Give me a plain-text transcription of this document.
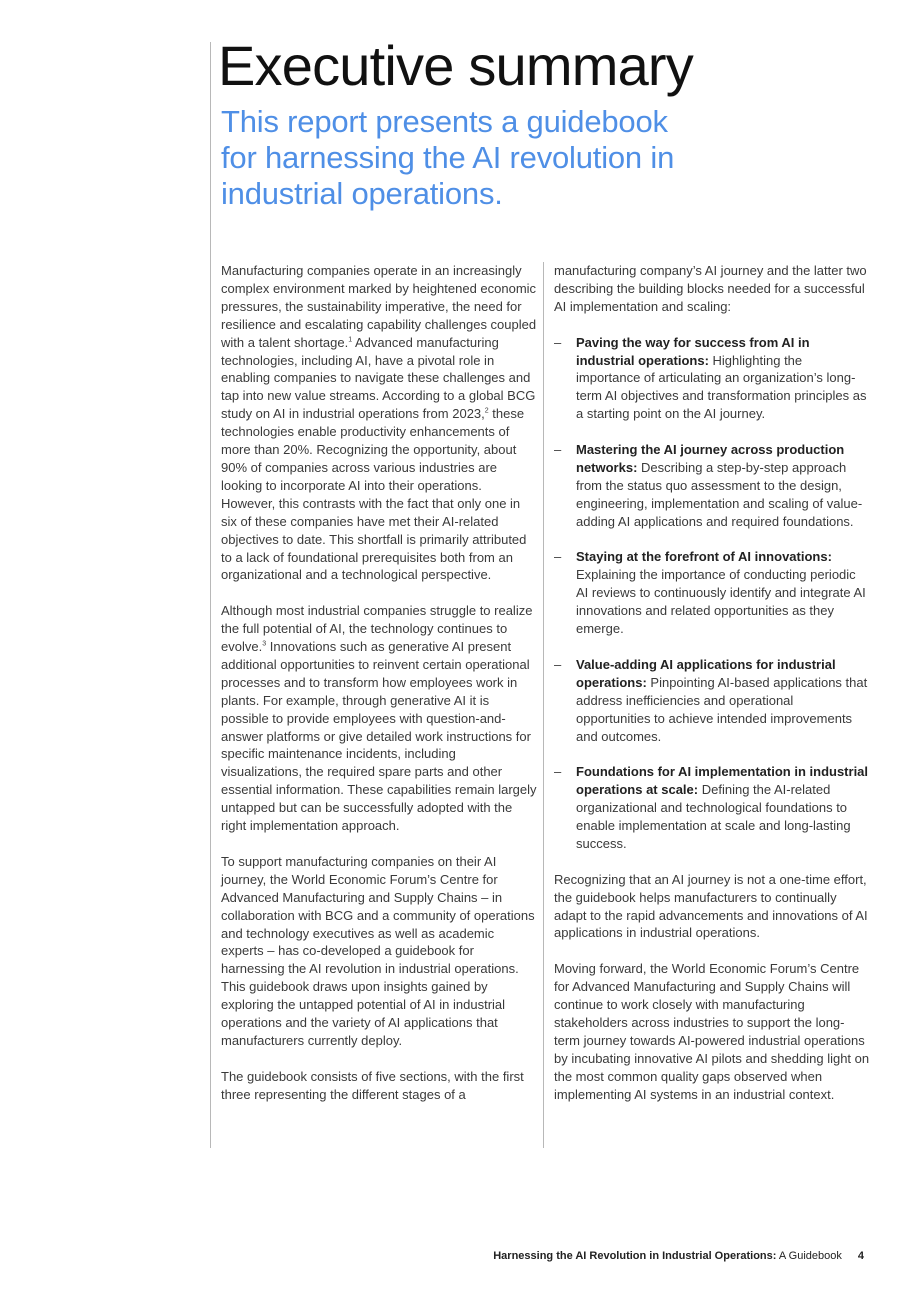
Executive summary
This report presents a guidebook for harnessing the AI revolution in industrial operations.

Manufacturing companies operate in an increasingly complex environment marked by heightened economic pressures, the sustainability imperative, the need for resilience and escalating capability challenges coupled with a talent shortage.$^1$ Advanced manufacturing technologies, including AI, have a pivotal role in enabling companies to navigate these challenges and tap into new value streams. According to a global BCG study on AI in industrial operations from 2023,$^2$ these technologies enable productivity enhancements of more than 20%. Recognizing the opportunity, about 90% of companies across various industries are looking to incorporate AI into their operations. However, this contrasts with the fact that only one in six of these companies have met their AI-related objectives to date. This shortfall is primarily attributed to a lack of foundational prerequisites both from an organizational and a technological perspective.

Although most industrial companies struggle to realize the full potential of AI, the technology continues to evolve.$^3$ Innovations such as generative AI present additional opportunities to reinvent certain operational processes and to transform how employees work in plants. For example, through generative AI it is possible to provide employees with question-and-answer platforms or give detailed work instructions for specific maintenance incidents, including visualizations, the required spare parts and other essential information. These capabilities remain largely untapped but can be successfully adopted with the right implementation approach.

To support manufacturing companies on their AI journey, the World Economic Forum’s Centre for Advanced Manufacturing and Supply Chains – in collaboration with BCG and a community of operations and technology executives as well as academic experts – has co-developed a guidebook for harnessing the AI revolution in industrial operations. This guidebook draws upon insights gained by exploring the untapped potential of AI in industrial operations and the variety of AI applications that manufacturers currently deploy.

The guidebook consists of five sections, with the first three representing the different stages of a

manufacturing company’s AI journey and the latter two describing the building blocks needed for a successful AI implementation and scaling:

– Paving the way for success from AI in industrial operations: Highlighting the importance of articulating an organization’s long-term AI objectives and transformation principles as a starting point on the AI journey.
– Mastering the AI journey across production networks: Describing a step-by-step approach from the status quo assessment to the design, engineering, implementation and scaling of value-adding AI applications and required foundations.
– Staying at the forefront of AI innovations: Explaining the importance of conducting periodic AI reviews to continuously identify and integrate AI innovations and related opportunities as they emerge.
– Value-adding AI applications for industrial operations: Pinpointing AI-based applications that address inefficiencies and operational opportunities to achieve intended improvements and outcomes.
– Foundations for AI implementation in industrial operations at scale: Defining the AI-related organizational and technological foundations to enable implementation at scale and long-lasting success.

Recognizing that an AI journey is not a one-time effort, the guidebook helps manufacturers to continually adapt to the rapid advancements and innovations of AI applications in industrial operations.

Moving forward, the World Economic Forum’s Centre for Advanced Manufacturing and Supply Chains will continue to work closely with manufacturing stakeholders across industries to support the long-term journey towards AI-powered industrial operations by incubating innovative AI pilots and shedding light on the most common quality gaps observed when implementing AI systems in an industrial context.

Harnessing the AI Revolution in Industrial Operations: A Guidebook 4
